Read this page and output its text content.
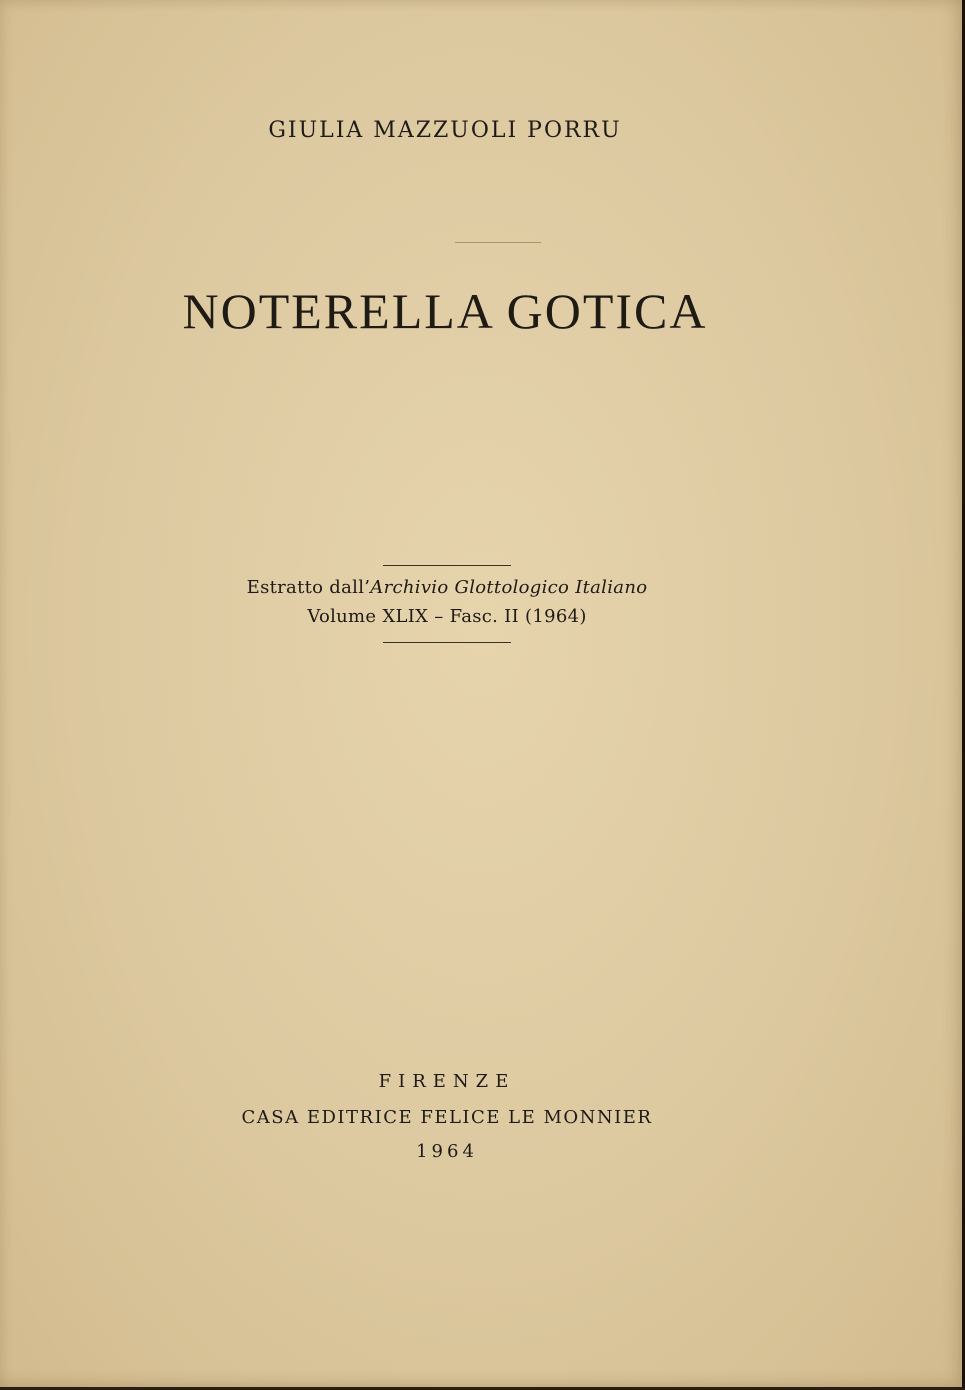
GIULIA MAZZUOLI PORRU
NOTERELLA GOTICA
Estratto dall’Archivio Glottologico Italiano
Volume XLIX – Fasc. II (1964)
FIRENZE
CASA EDITRICE FELICE LE MONNIER
1964
